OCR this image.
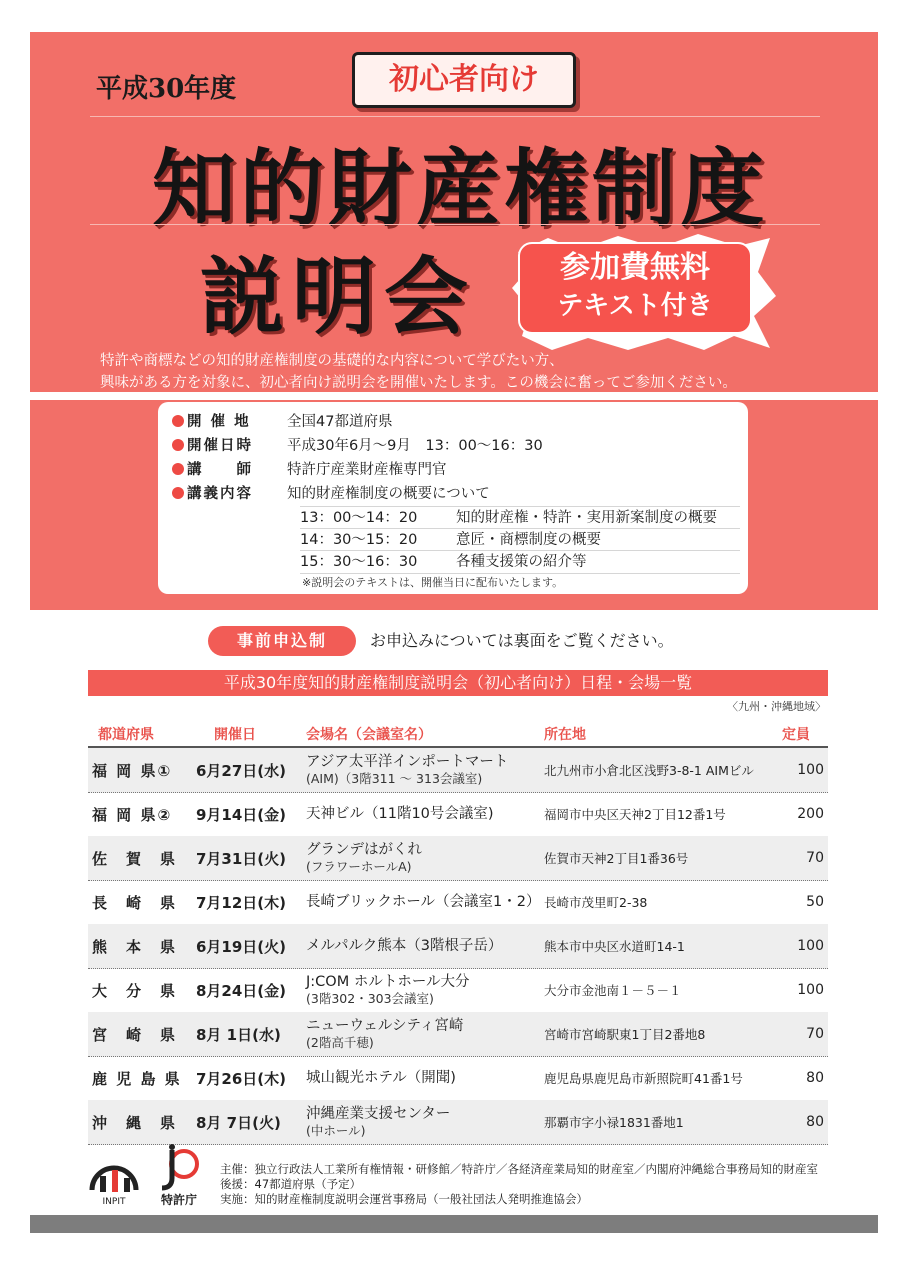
平成30年度	初心者向け
知的財産権制度
説明会	参加費無料
テキスト付き
特許や商標などの知的財産権制度の基礎的な内容について学びたい方、
興味がある方を対象に、初心者向け説明会を開催いたします。この機会に奮ってご参加ください。
開 催 地	全国47都道府県
開催日時 平成30年6月～9月　13：00～16：30
講　　師 特許庁産業財産権専門官
講義内容 知的財産権制度の概要について
13：00～14：20	知的財産権・特許・実用新案制度の概要
14：30～15：20	意匠・商標制度の概要
15：30～16：30	各種支援策の紹介等
※説明会のテキストは、開催当日に配布いたします。
事前申込制	お申込みについては裏面をご覧ください。
平成30年度知的財産権制度説明会（初心者向け）日程・会場一覧
〈九州・沖縄地域〉
都道府県	開催日	会場名（会議室名）	所在地	定員
福 岡 県①	6月27日(水)	アジア太平洋インポートマート
(AIM)（3階311 ～ 313会議室)
北九州市小倉北区浅野3-8-1 AIMビル	100
福 岡 県②	9月14日(金)	天神ビル（11階10号会議室)	福岡市中央区天神2丁目12番1号	200
佐　賀　県	7月31日(火)	グランデはがくれ
(フラワーホールA)
佐賀市天神2丁目1番36号	70
長　崎　県	7月12日(木)	長崎ブリックホール（会議室1・2） 長崎市茂里町2-38	50
熊　本　県	6月19日(火)	メルパルク熊本（3階根子岳）	熊本市中央区水道町14-1	100
大　分　県	8月24日(金)	J:COM ホルトホール大分
(3階302・303会議室)
大分市金池南１－５－１	100
宮　崎　県	8月 1日(水)	ニューウェルシティ宮崎
(2階高千穂)
宮崎市宮崎駅東1丁目2番地8	70
鹿 児 島 県 7月26日(木)	城山観光ホテル（開聞)	鹿児島県鹿児島市新照院町41番1号	80
沖　縄　県	8月 7日(火)	沖縄産業支援センター
(中ホール)
那覇市字小禄1831番地1	80
INPIT	特許庁
主催：独立行政法人工業所有権情報・研修館／特許庁／各経済産業局知的財産室／内閣府沖縄総合事務局知的財産室
後援：47都道府県（予定）
実施：知的財産権制度説明会運営事務局（一般社団法人発明推進協会）
